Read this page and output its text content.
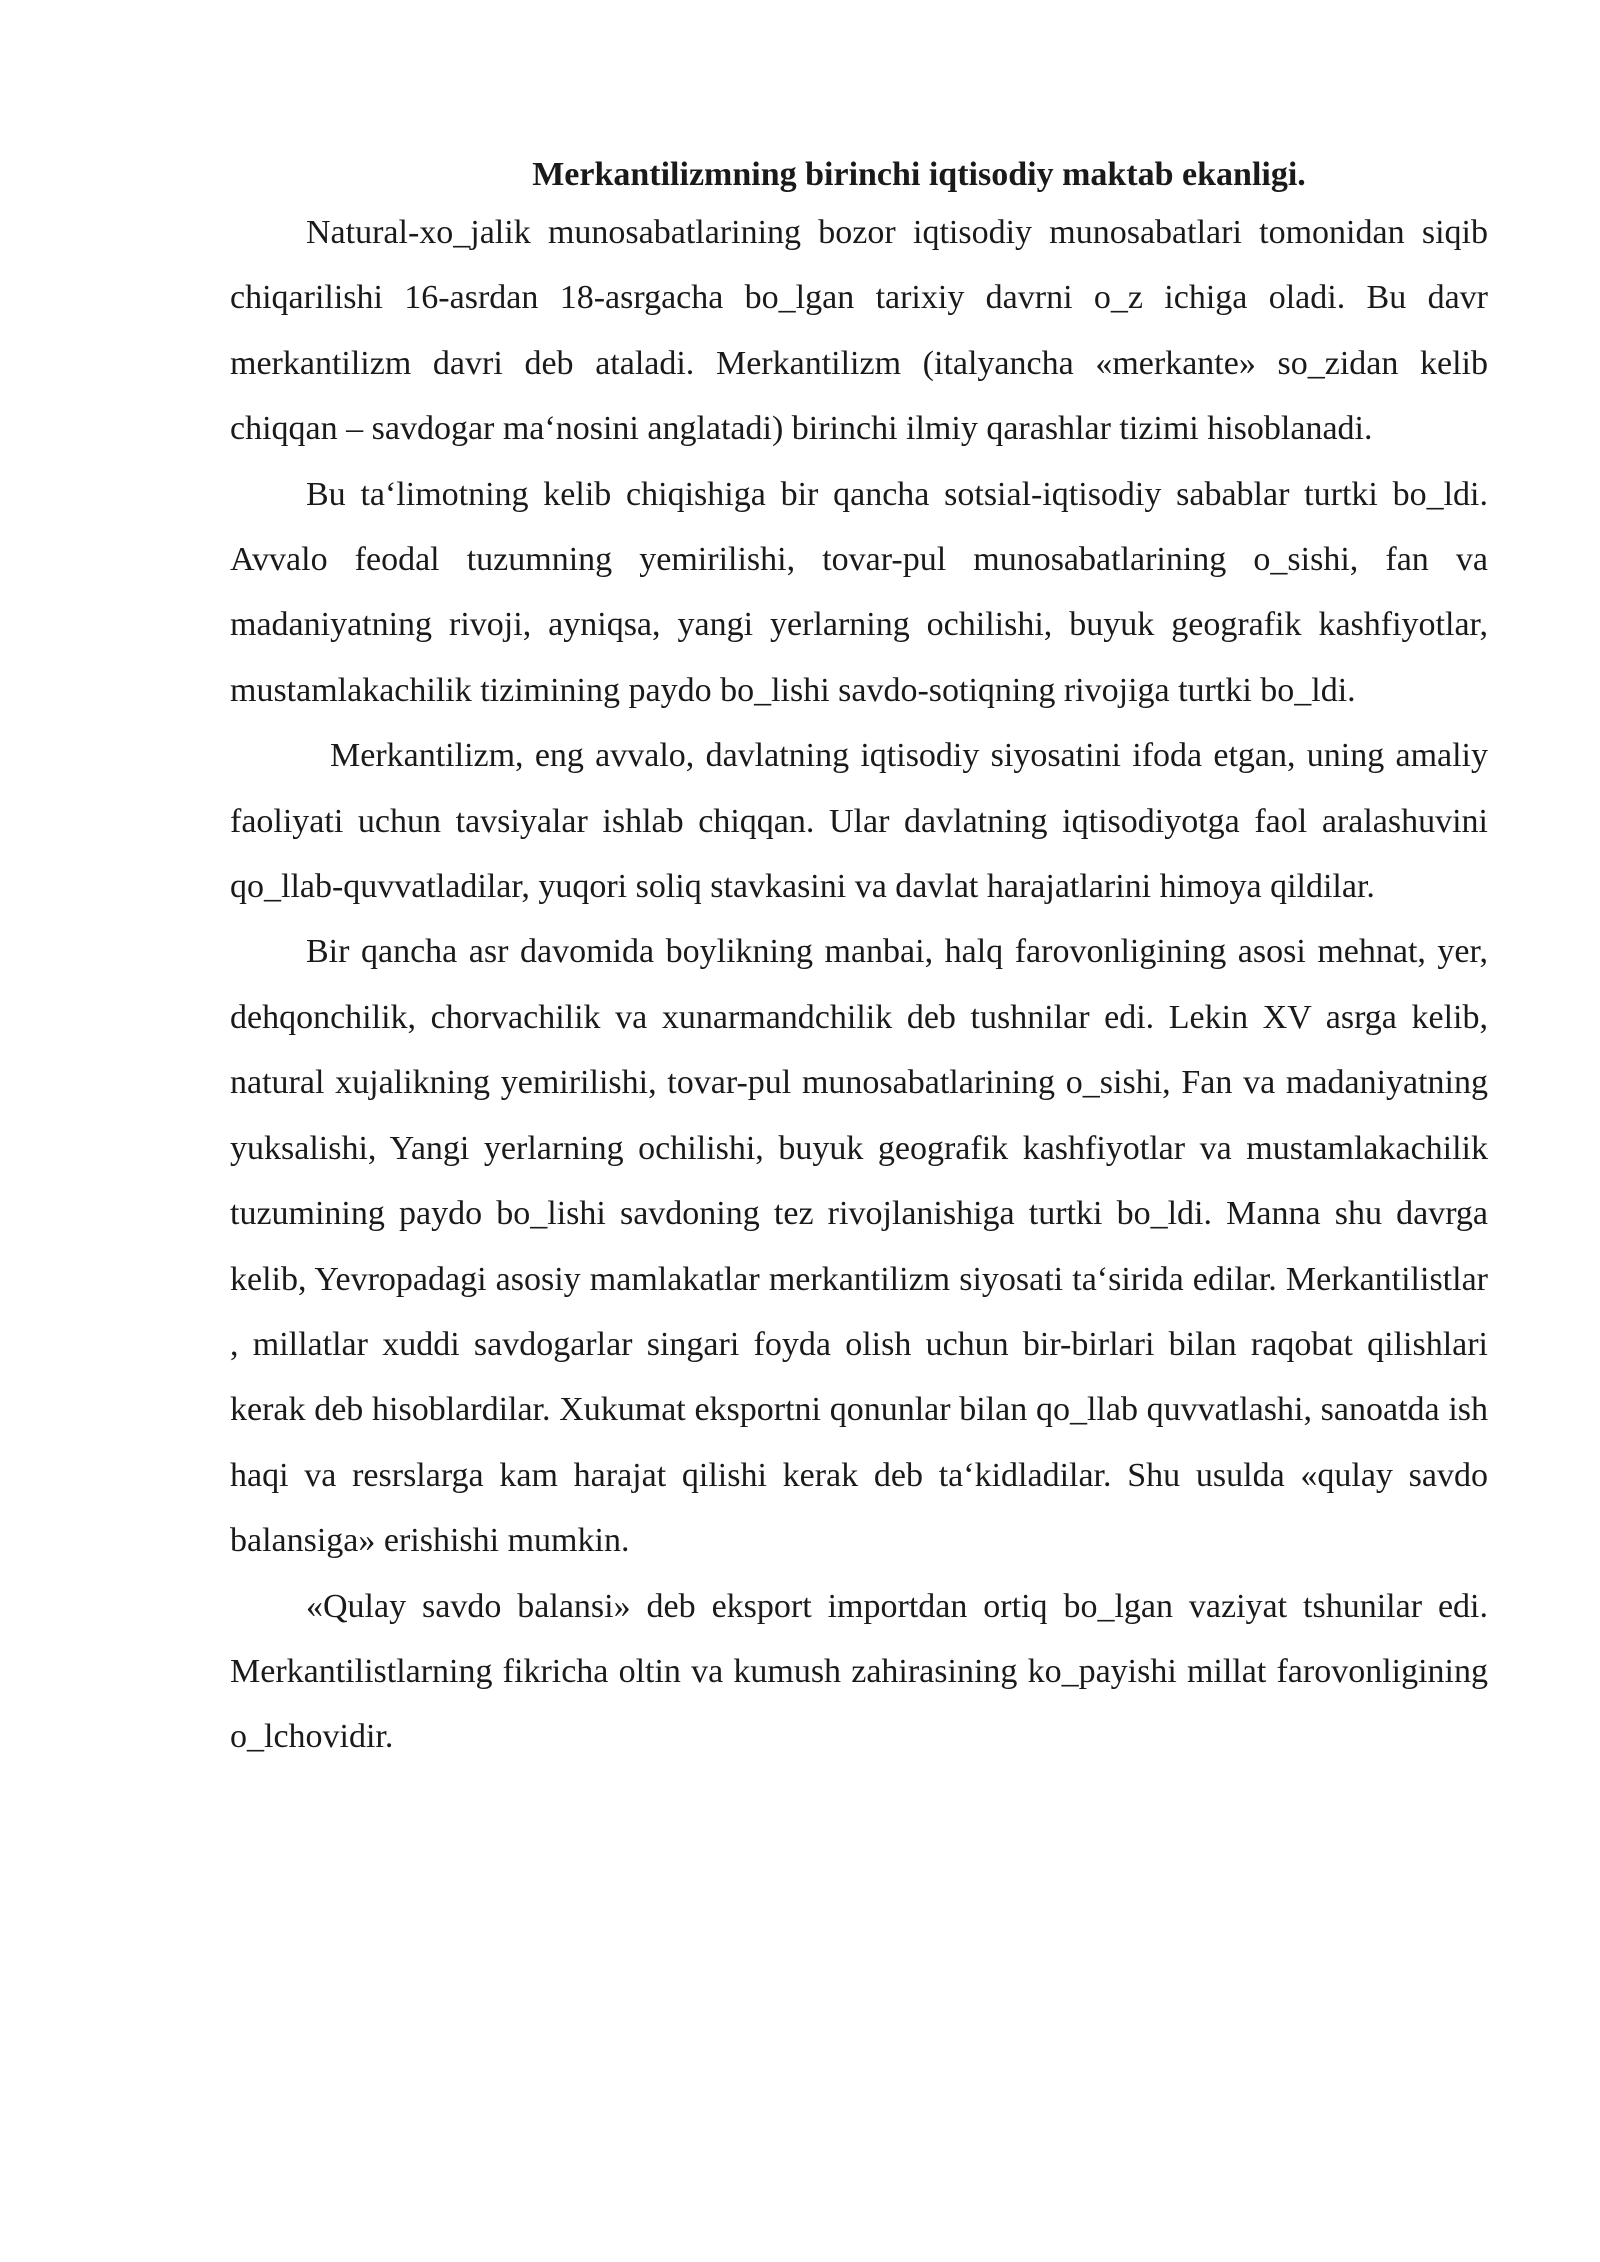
Merkantilizmning birinchi iqtisodiy maktab ekanligi.

Natural-xo_jalik munosabatlarining bozor iqtisodiy munosabatlari tomonidan siqib chiqarilishi 16-asrdan 18-asrgacha bo_lgan tarixiy davrni o_z ichiga oladi. Bu davr merkantilizm davri deb ataladi. Merkantilizm (italyancha «merkante» so_zidan kelib chiqqan – savdogar ma‘nosini anglatadi) birinchi ilmiy qarashlar tizimi hisoblanadi.

Bu ta‘limotning kelib chiqishiga bir qancha sotsial-iqtisodiy sabablar turtki bo_ldi. Avvalo feodal tuzumning yemirilishi, tovar-pul munosabatlarining o_sishi, fan va madaniyatning rivoji, ayniqsa, yangi yerlarning ochilishi, buyuk geografik kashfiyotlar, mustamlakachilik tizimining paydo bo_lishi savdo-sotiqning rivojiga turtki bo_ldi.

Merkantilizm, eng avvalo, davlatning iqtisodiy siyosatini ifoda etgan, uning amaliy faoliyati uchun tavsiyalar ishlab chiqqan. Ular davlatning iqtisodiyotga faol aralashuvini qo_llab-quvvatladilar, yuqori soliq stavkasini va davlat harajatlarini himoya qildilar.

Bir qancha asr davomida boylikning manbai, halq farovonligining asosi mehnat, yer, dehqonchilik, chorvachilik va xunarmandchilik deb tushnilar edi. Lekin XV asrga kelib, natural xujalikning yemirilishi, tovar-pul munosabatlarining o_sishi, Fan va madaniyatning yuksalishi, Yangi yerlarning ochilishi, buyuk geografik kashfiyotlar va mustamlakachilik tuzumining paydo bo_lishi savdoning tez rivojlanishiga turtki bo_ldi. Manna shu davrga kelib, Yevropadagi asosiy mamlakatlar merkantilizm siyosati ta‘sirida edilar. Merkantilistlar , millatlar xuddi savdogarlar singari foyda olish uchun bir-birlari bilan raqobat qilishlari kerak deb hisoblardilar. Xukumat eksportni qonunlar bilan qo_llab quvvatlashi, sanoatda ish haqi va resrslarga kam harajat qilishi kerak deb ta‘kidladilar. Shu usulda «qulay savdo balansiga» erishishi mumkin.

«Qulay savdo balansi» deb eksport importdan ortiq bo_lgan vaziyat tshunilar edi. Merkantilistlarning fikricha oltin va kumush zahirasining ko_payishi millat farovonligining o_lchovidir.
